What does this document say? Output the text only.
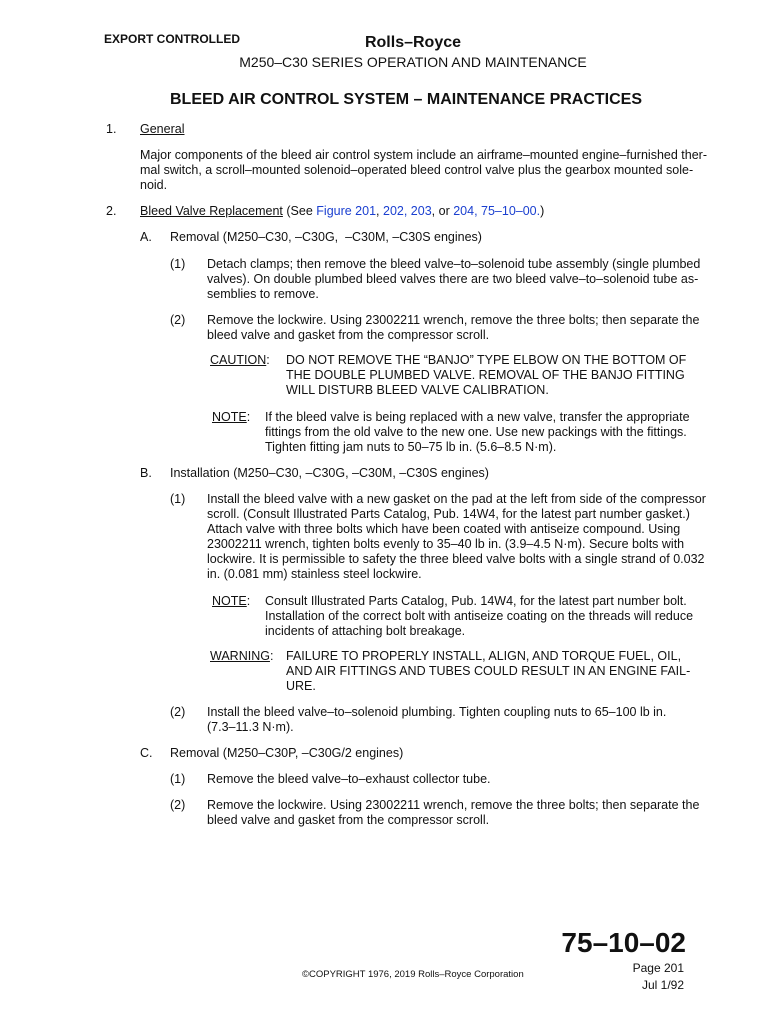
EXPORT CONTROLLED	Rolls–Royce
M250–C30 SERIES OPERATION AND MAINTENANCE
BLEED AIR CONTROL SYSTEM – MAINTENANCE PRACTICES
1. General
Major components of the bleed air control system include an airframe–mounted engine–furnished ther-
mal switch, a scroll–mounted solenoid–operated bleed control valve plus the gearbox mounted sole-
noid.
2. Bleed Valve Replacement (See Figure 201, 202, 203, or 204, 75–10–00.)
A. Removal (M250–C30, –C30G,  –C30M, –C30S engines)
(1) Detach clamps; then remove the bleed valve–to–solenoid tube assembly (single plumbed
valves). On double plumbed bleed valves there are two bleed valve–to–solenoid tube as-
semblies to remove.
(2) Remove the lockwire. Using 23002211 wrench, remove the three bolts; then separate the
bleed valve and gasket from the compressor scroll.
CAUTION: DO NOT REMOVE THE “BANJO” TYPE ELBOW ON THE BOTTOM OF
THE DOUBLE PLUMBED VALVE. REMOVAL OF THE BANJO FITTING
WILL DISTURB BLEED VALVE CALIBRATION.
NOTE: If the bleed valve is being replaced with a new valve, transfer the appropriate
fittings from the old valve to the new one. Use new packings with the fittings.
Tighten fitting jam nuts to 50–75 lb in. (5.6–8.5 N·m).
B. Installation (M250–C30, –C30G, –C30M, –C30S engines)
(1) Install the bleed valve with a new gasket on the pad at the left from side of the compressor
scroll. (Consult Illustrated Parts Catalog, Pub. 14W4, for the latest part number gasket.)
Attach valve with three bolts which have been coated with antiseize compound. Using
23002211 wrench, tighten bolts evenly to 35–40 lb in. (3.9–4.5 N·m). Secure bolts with
lockwire. It is permissible to safety the three bleed valve bolts with a single strand of 0.032
in. (0.081 mm) stainless steel lockwire.
NOTE: Consult Illustrated Parts Catalog, Pub. 14W4, for the latest part number bolt.
Installation of the correct bolt with antiseize coating on the threads will reduce
incidents of attaching bolt breakage.
WARNING: FAILURE TO PROPERLY INSTALL, ALIGN, AND TORQUE FUEL, OIL,
AND AIR FITTINGS AND TUBES COULD RESULT IN AN ENGINE FAIL-
URE.
(2) Install the bleed valve–to–solenoid plumbing. Tighten coupling nuts to 65–100 lb in.
(7.3–11.3 N·m).
C. Removal (M250–C30P, –C30G/2 engines)
(1) Remove the bleed valve–to–exhaust collector tube.
(2) Remove the lockwire. Using 23002211 wrench, remove the three bolts; then separate the
bleed valve and gasket from the compressor scroll.
75–10–02
©COPYRIGHT 1976, 2019 Rolls–Royce Corporation	Page 201
Jul 1/92
